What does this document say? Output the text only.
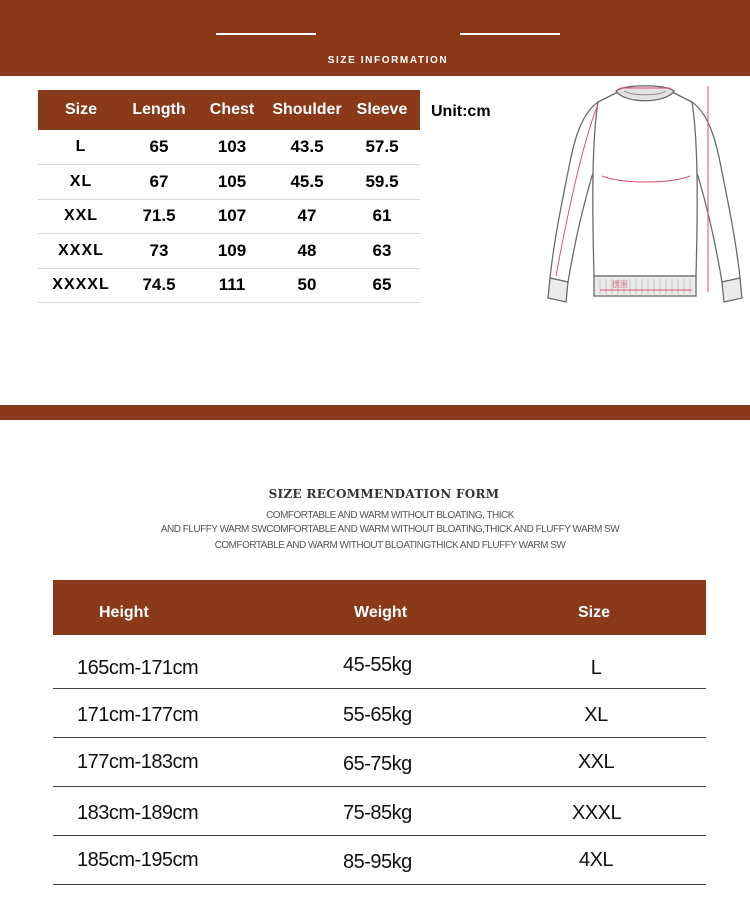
SIZE INFORMATION
Size	Length	Chest	Shoulder	Sleeve
L	65	103	43.5	57.5
XL	67	105	45.5	59.5
XXL	71.5	107	47	61
XXXL	73	109	48	63
XXXXL	74.5	111	50	65
Unit:cm
摆围
SIZE RECOMMENDATION FORM
COMFORTABLE AND WARM WITHOUT BLOATING, THICK
AND FLUFFY WARM SWCOMFORTABLE AND WARM WITHOUT BLOATING,THICK AND FLUFFY WARM SW
COMFORTABLE AND WARM WITHOUT BLOATINGTHICK AND FLUFFY WARM SW
Height	Weight	Size
165cm-171cm	45-55kg	L
171cm-177cm	55-65kg	XL
177cm-183cm	65-75kg	XXL
183cm-189cm	75-85kg	XXXL
185cm-195cm	85-95kg	4XL
